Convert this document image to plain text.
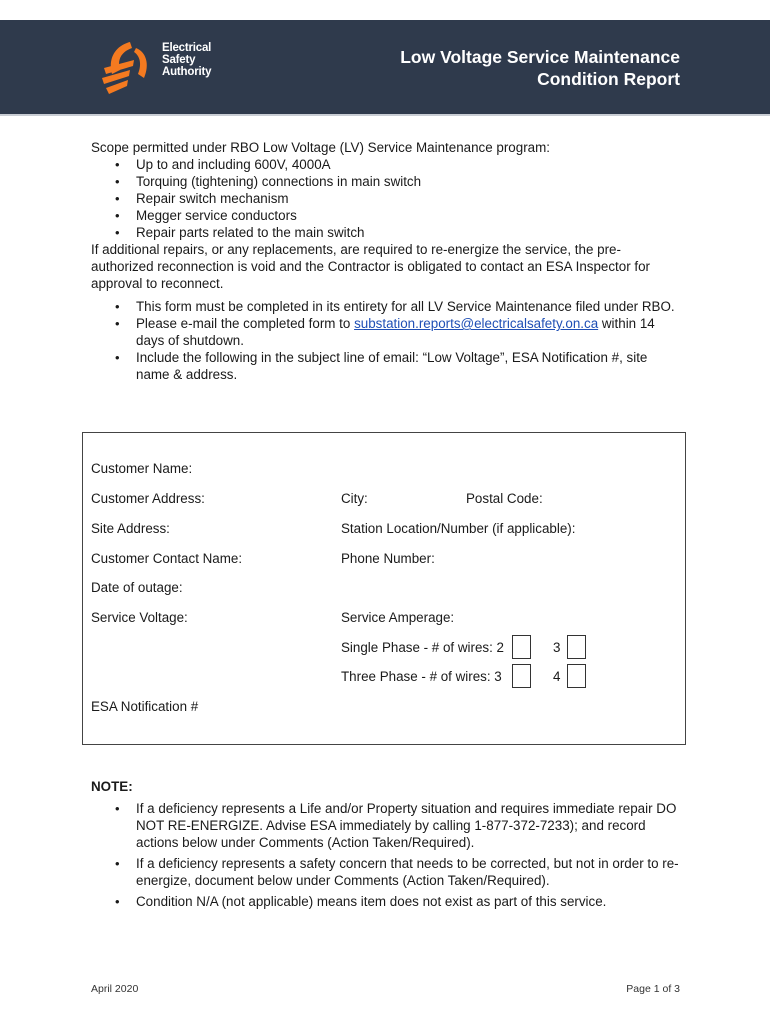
Electrical
Safety
Authority
Low Voltage Service Maintenance
Condition Report
Scope permitted under RBO Low Voltage (LV) Service Maintenance program:
• Up to and including 600V, 4000A
• Torquing (tightening) connections in main switch
• Repair switch mechanism
• Megger service conductors
• Repair parts related to the main switch
If additional repairs, or any replacements, are required to re-energize the service, the pre-authorized reconnection is void and the Contractor is obligated to contact an ESA Inspector for approval to reconnect.
• This form must be completed in its entirety for all LV Service Maintenance filed under RBO.
• Please e-mail the completed form to substation.reports@electricalsafety.on.ca within 14 days of shutdown.
• Include the following in the subject line of email: “Low Voltage”, ESA Notification #, site name & address.
Customer Name:
Customer Address:	City:	Postal Code:
Site Address:	Station Location/Number (if applicable):
Customer Contact Name:	Phone Number:
Date of outage:
Service Voltage:	Service Amperage:
Single Phase - # of wires: 2	3
Three Phase - # of wires: 3	4
ESA Notification #
NOTE:
• If a deficiency represents a Life and/or Property situation and requires immediate repair DO NOT RE-ENERGIZE. Advise ESA immediately by calling 1-877-372-7233); and record actions below under Comments (Action Taken/Required).
• If a deficiency represents a safety concern that needs to be corrected, but not in order to re-energize, document below under Comments (Action Taken/Required).
• Condition N/A (not applicable) means item does not exist as part of this service.
April 2020	Page 1 of 3
